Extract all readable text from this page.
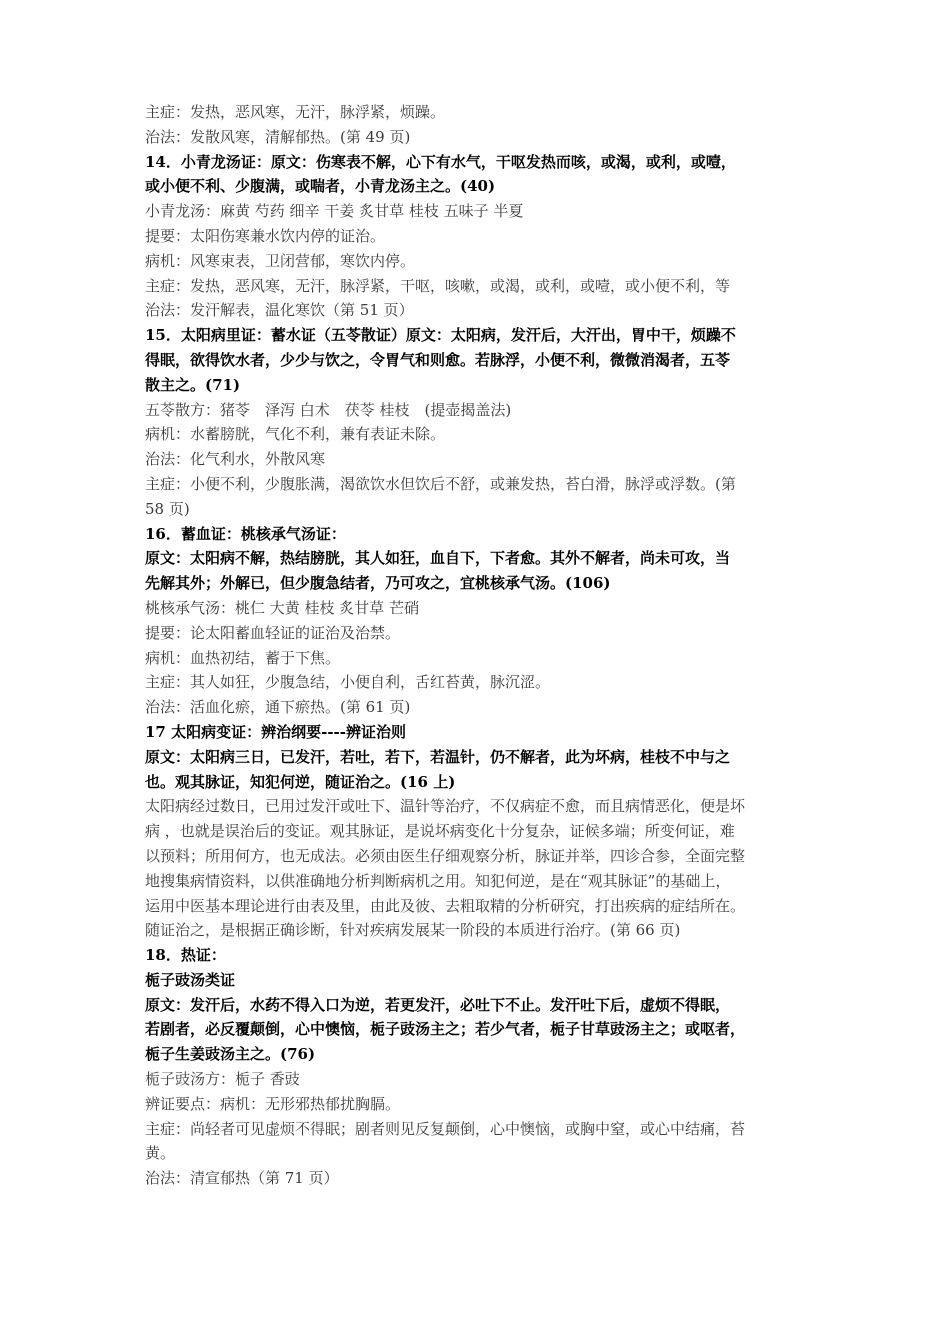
主症：发热，恶风寒，无汗，脉浮紧，烦躁。

治法：发散风寒，清解郁热。(第 49 页)

14．小青龙汤证：原文：伤寒表不解，心下有水气，干呕发热而咳，或渴，或利，或噎，

或小便不利、少腹满，或喘者，小青龙汤主之。(40)

小青龙汤：麻黄 芍药 细辛 干姜 炙甘草 桂枝 五味子 半夏

提要：太阳伤寒兼水饮内停的证治。

病机：风寒束表，卫闭营郁，寒饮内停。

主症：发热，恶风寒，无汗，脉浮紧，干呕，咳嗽，或渴，或利，或噎，或小便不利，等

治法：发汗解表，温化寒饮（第 51 页）

15．太阳病里证：蓄水证（五苓散证）原文：太阳病，发汗后，大汗出，胃中干，烦躁不

得眠，欲得饮水者，少少与饮之，令胃气和则愈。若脉浮，小便不利，微微消渴者，五苓

散主之。(71)

五苓散方：猪苓　泽泻 白术　茯苓 桂枝　(提壶揭盖法)

病机：水蓄膀胱，气化不利，兼有表证未除。

治法：化气利水，外散风寒

主症：小便不利，少腹胀满，渴欲饮水但饮后不舒，或兼发热，苔白滑，脉浮或浮数。(第

58 页)

16．蓄血证：桃核承气汤证：

原文：太阳病不解，热结膀胱，其人如狂，血自下，下者愈。其外不解者，尚未可攻，当

先解其外；外解已，但少腹急结者，乃可攻之，宜桃核承气汤。(106)

桃核承气汤：桃仁 大黄 桂枝 炙甘草 芒硝

提要：论太阳蓄血轻证的证治及治禁。

病机：血热初结，蓄于下焦。

主症：其人如狂，少腹急结，小便自利，舌红苔黄，脉沉涩。

治法：活血化瘀，通下瘀热。(第 61 页)

17 太阳病变证：辨治纲要----辨证治则

原文：太阳病三日，已发汗，若吐，若下，若温针，仍不解者，此为坏病，桂枝不中与之

也。观其脉证，知犯何逆，随证治之。(16 上)

太阳病经过数日，已用过发汗或吐下、温针等治疗，不仅病症不愈，而且病情恶化，便是坏

病 ，也就是误治后的变证。观其脉证，是说坏病变化十分复杂，证候多端；所变何证，难

以预料；所用何方，也无成法。必须由医生仔细观察分析，脉证并举，四诊合参，全面完整

地搜集病情资料，以供准确地分析判断病机之用。知犯何逆，是在“观其脉证”的基础上，

运用中医基本理论进行由表及里，由此及彼、去粗取精的分析研究，打出疾病的症结所在。

随证治之，是根据正确诊断，针对疾病发展某一阶段的本质进行治疗。(第 66 页)

18．热证：

栀子豉汤类证

原文：发汗后，水药不得入口为逆，若更发汗，必吐下不止。发汗吐下后，虚烦不得眠，

若剧者，必反覆颠倒，心中懊恼，栀子豉汤主之；若少气者，栀子甘草豉汤主之；或呕者，

栀子生姜豉汤主之。(76)

栀子豉汤方：栀子 香豉

辨证要点：病机：无形邪热郁扰胸膈。

主症：尚轻者可见虚烦不得眠；剧者则见反复颠倒，心中懊恼，或胸中窒，或心中结痛，苔

黄。

治法：清宣郁热（第 71 页）
